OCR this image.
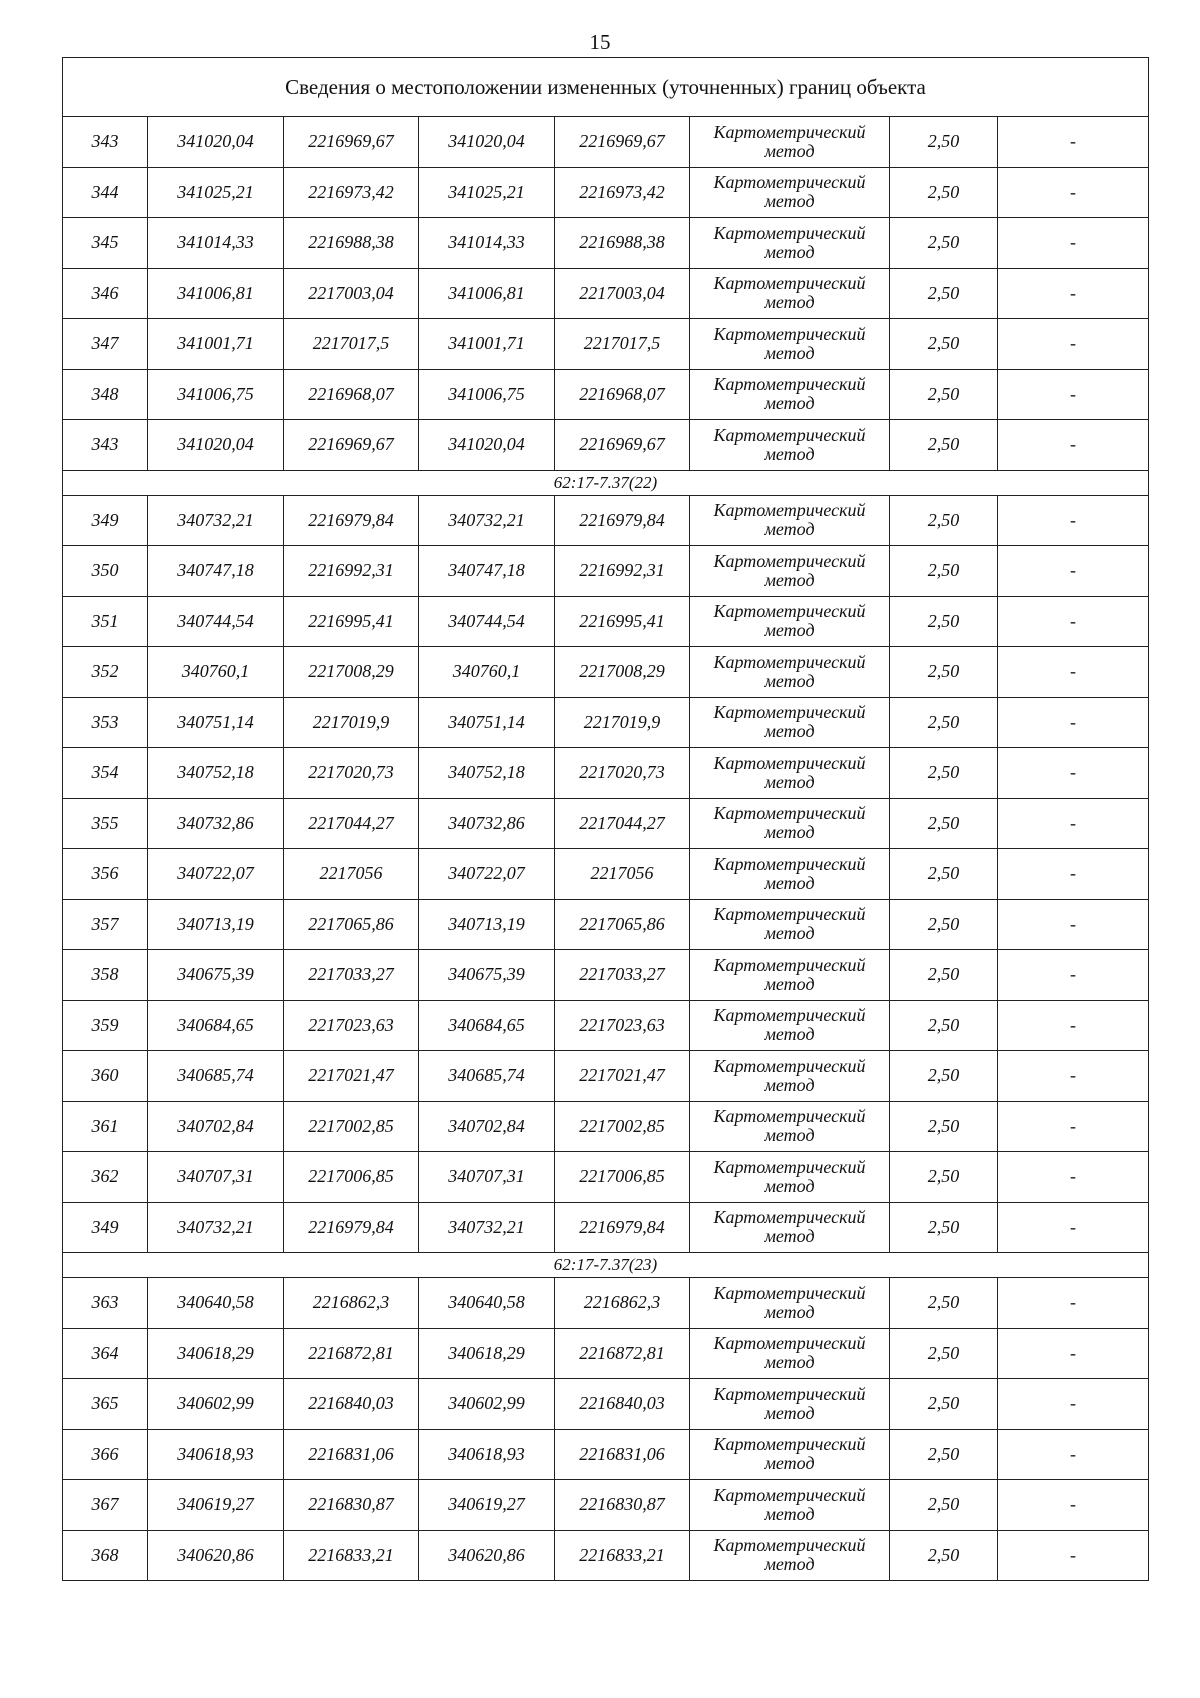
15
Сведения о местоположении измененных (уточненных) границ объекта							
343	341020,04	2216969,67	341020,04	2216969,67	Картометрический
метод	2,50	-
344	341025,21	2216973,42	341025,21	2216973,42	Картометрический
метод	2,50	-
345	341014,33	2216988,38	341014,33	2216988,38	Картометрический
метод	2,50	-
346	341006,81	2217003,04	341006,81	2217003,04	Картометрический
метод	2,50	-
347	341001,71	2217017,5	341001,71	2217017,5	Картометрический
метод	2,50	-
348	341006,75	2216968,07	341006,75	2216968,07	Картометрический
метод	2,50	-
343	341020,04	2216969,67	341020,04	2216969,67	Картометрический
метод	2,50	-
62:17-7.37(22)							
349	340732,21	2216979,84	340732,21	2216979,84	Картометрический
метод	2,50	-
350	340747,18	2216992,31	340747,18	2216992,31	Картометрический
метод	2,50	-
351	340744,54	2216995,41	340744,54	2216995,41	Картометрический
метод	2,50	-
352	340760,1	2217008,29	340760,1	2217008,29	Картометрический
метод	2,50	-
353	340751,14	2217019,9	340751,14	2217019,9	Картометрический
метод	2,50	-
354	340752,18	2217020,73	340752,18	2217020,73	Картометрический
метод	2,50	-
355	340732,86	2217044,27	340732,86	2217044,27	Картометрический
метод	2,50	-
356	340722,07	2217056	340722,07	2217056	Картометрический
метод	2,50	-
357	340713,19	2217065,86	340713,19	2217065,86	Картометрический
метод	2,50	-
358	340675,39	2217033,27	340675,39	2217033,27	Картометрический
метод	2,50	-
359	340684,65	2217023,63	340684,65	2217023,63	Картометрический
метод	2,50	-
360	340685,74	2217021,47	340685,74	2217021,47	Картометрический
метод	2,50	-
361	340702,84	2217002,85	340702,84	2217002,85	Картометрический
метод	2,50	-
362	340707,31	2217006,85	340707,31	2217006,85	Картометрический
метод	2,50	-
349	340732,21	2216979,84	340732,21	2216979,84	Картометрический
метод	2,50	-
62:17-7.37(23)							
363	340640,58	2216862,3	340640,58	2216862,3	Картометрический
метод	2,50	-
364	340618,29	2216872,81	340618,29	2216872,81	Картометрический
метод	2,50	-
365	340602,99	2216840,03	340602,99	2216840,03	Картометрический
метод	2,50	-
366	340618,93	2216831,06	340618,93	2216831,06	Картометрический
метод	2,50	-
367	340619,27	2216830,87	340619,27	2216830,87	Картометрический
метод	2,50	-
368	340620,86	2216833,21	340620,86	2216833,21	Картометрический
метод	2,50	-
